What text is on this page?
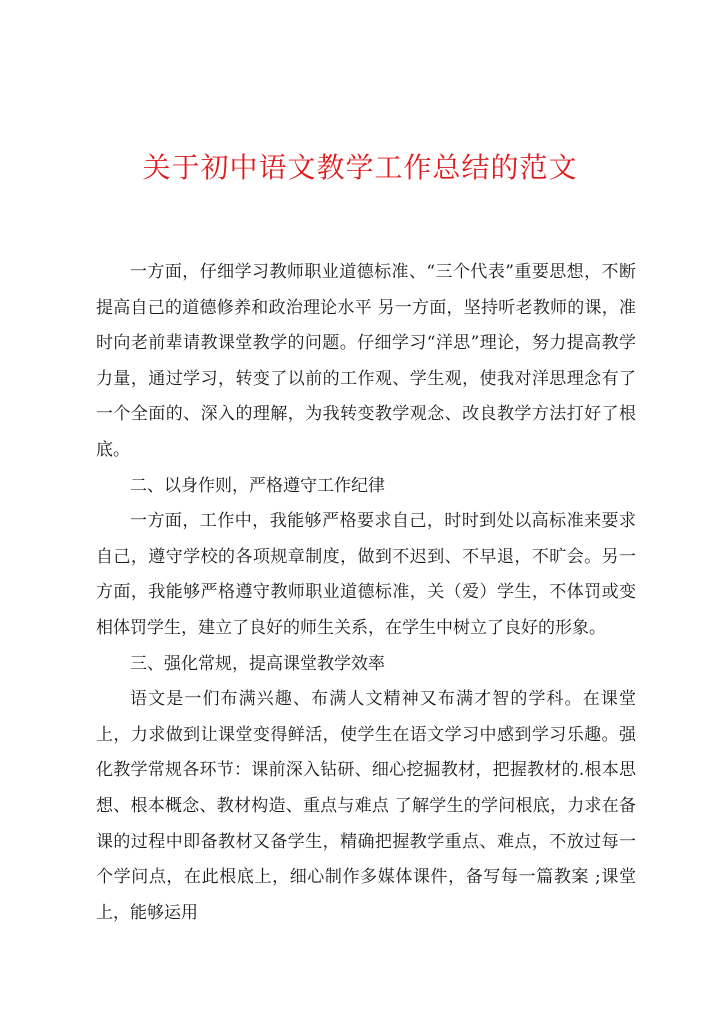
关于初中语文教学工作总结的范文

一方面，仔细学习教师职业道德标准、“三个代表”重要思想，不断提高自己的道德修养和政治理论水平 另一方面，坚持听老教师的课，准时向老前辈请教课堂教学的问题。仔细学习“洋思”理论，努力提高教学力量，通过学习，转变了以前的工作观、学生观，使我对洋思理念有了一个全面的、深入的理解，为我转变教学观念、改良教学方法打好了根底。

二、以身作则，严格遵守工作纪律

一方面，工作中，我能够严格要求自己，时时到处以高标准来要求自己，遵守学校的各项规章制度，做到不迟到、不早退，不旷会。另一方面，我能够严格遵守教师职业道德标准，关（爱）学生，不体罚或变相体罚学生，建立了良好的师生关系，在学生中树立了良好的形象。

三、强化常规，提高课堂教学效率

语文是一们布满兴趣、布满人文精神又布满才智的学科。在课堂上，力求做到让课堂变得鲜活，使学生在语文学习中感到学习乐趣。强化教学常规各环节：课前深入钻研、细心挖掘教材，把握教材的.根本思想、根本概念、教材构造、重点与难点 了解学生的学问根底，力求在备课的过程中即备教材又备学生，精确把握教学重点、难点，不放过每一个学问点，在此根底上，细心制作多媒体课件，备写每一篇教案 ;课堂上，能够运用
